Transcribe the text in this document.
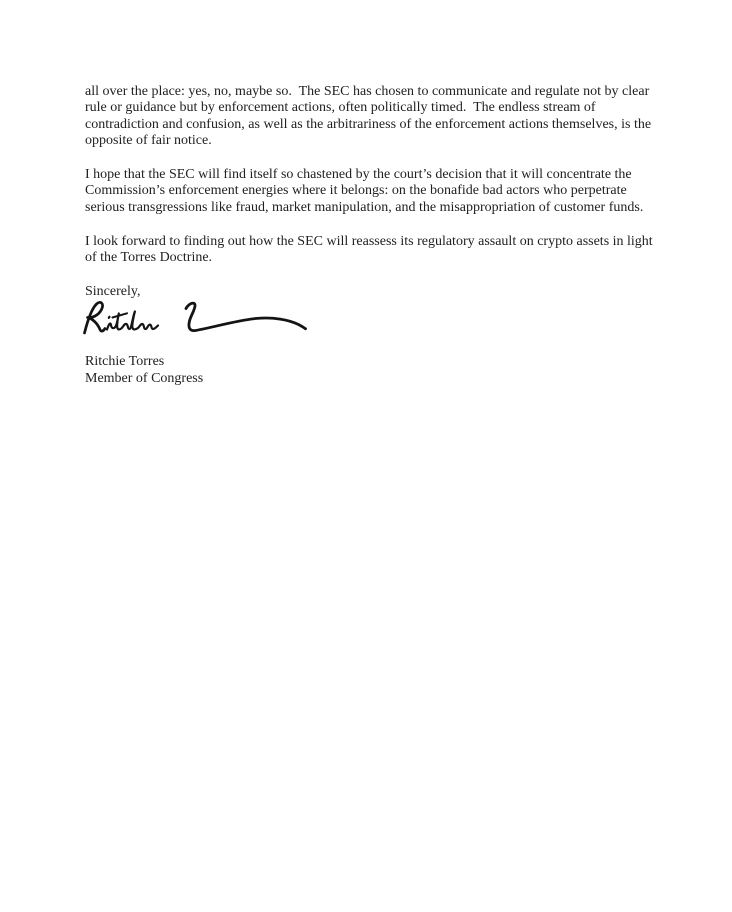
all over the place: yes, no, maybe so.  The SEC has chosen to communicate and regulate not by clear rule or guidance but by enforcement actions, often politically timed.  The endless stream of contradiction and confusion, as well as the arbitrariness of the enforcement actions themselves, is the opposite of fair notice.

I hope that the SEC will find itself so chastened by the court’s decision that it will concentrate the Commission’s enforcement energies where it belongs: on the bonafide bad actors who perpetrate serious transgressions like fraud, market manipulation, and the misappropriation of customer funds.

I look forward to finding out how the SEC will reassess its regulatory assault on crypto assets in light of the Torres Doctrine.

Sincerely,

Ritchie Torres
Member of Congress
